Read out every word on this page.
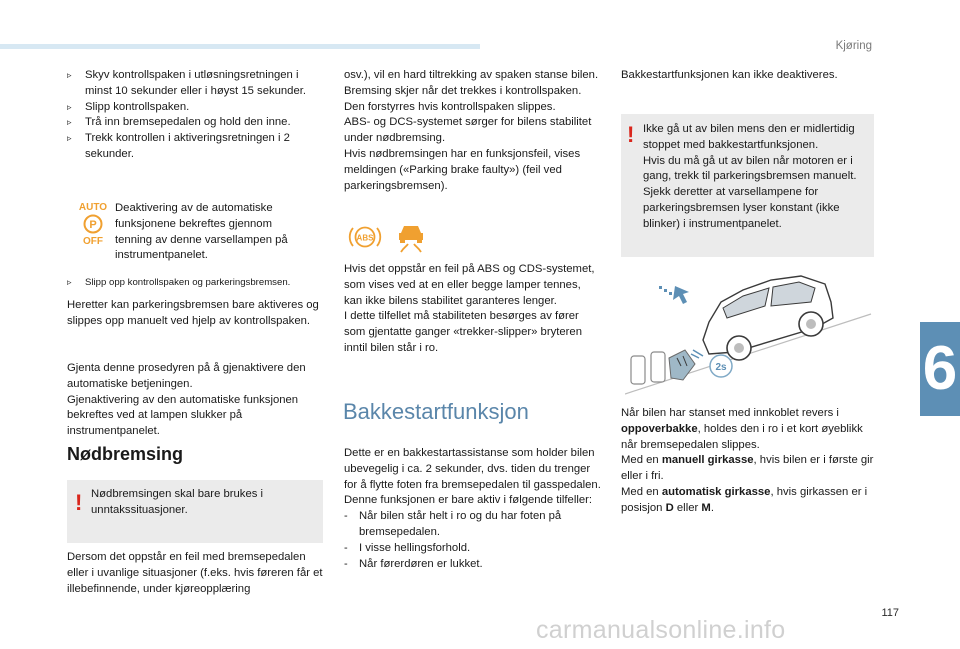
Kjøring
6

▹ Skyv kontrollspaken i utløsningsretningen i minst 10 sekunder eller i høyst 15 sekunder.

▹ Slipp kontrollspaken.

▹ Trå inn bremsepedalen og hold den inne.

▹ Trekk kontrollen i aktiveringsretningen i 2 sekunder.

AUTO
P
OFF

Deaktivering av de automatiske funksjonene bekreftes gjennom tenning av denne varsellampen på instrumentpanelet.

▹ Slipp opp kontrollspaken og parkeringsbremsen.

Heretter kan parkeringsbremsen bare aktiveres og slippes opp manuelt ved hjelp av kontrollspaken.

Gjenta denne prosedyren på å gjenaktivere den automatiske betjeningen.

Gjenaktivering av den automatiske funksjonen bekreftes ved at lampen slukker på instrumentpanelet.

Nødbremsing
! Nødbremsingen skal bare brukes i unntakssituasjoner.

Dersom det oppstår en feil med bremsepedalen eller i uvanlige situasjoner (f.eks. hvis føreren får et illebefinnende, under kjøreopplæring

osv.), vil en hard tiltrekking av spaken stanse bilen. Bremsing skjer når det trekkes i kontrollspaken. Den forstyrres hvis kontrollspaken slippes.

ABS- og DCS-systemet sørger for bilens stabilitet under nødbremsing.

Hvis nødbremsingen har en funksjonsfeil, vises meldingen («Parking brake faulty») (feil ved parkeringsbremsen).

ABS

Hvis det oppstår en feil på ABS og CDS-systemet, som vises ved at en eller begge lamper tennes, kan ikke bilens stabilitet garanteres lenger.

I dette tilfellet må stabiliteten besørges av fører som gjentatte ganger «trekker-slipper» bryteren inntil bilen står i ro.

Bakkestartfunksjon

Dette er en bakkestartassistanse som holder bilen ubevegelig i ca. 2 sekunder, dvs. tiden du trenger for å flytte foten fra bremsepedalen til gasspedalen.

Denne funksjonen er bare aktiv i følgende tilfeller:

- Når bilen står helt i ro og du har foten på bremsepedalen.

- I visse hellingsforhold.

- Når førerdøren er lukket.

Bakkestartfunksjonen kan ikke deaktiveres.

! Ikke gå ut av bilen mens den er midlertidig stoppet med bakkestartfunksjonen.

Hvis du må gå ut av bilen når motoren er i gang, trekk til parkeringsbremsen manuelt. Sjekk deretter at varsellampene for parkeringsbremsen lyser konstant (ikke blinker) i instrumentpanelet.

2s

Når bilen har stanset med innkoblet revers i oppoverbakke, holdes den i ro i et kort øyeblikk når bremsepedalen slippes.

Med en manuell girkasse, hvis bilen er i første gir eller i fri.

Med en automatisk girkasse, hvis girkassen er i posisjon D eller M.

117
carmanualsonline.info
